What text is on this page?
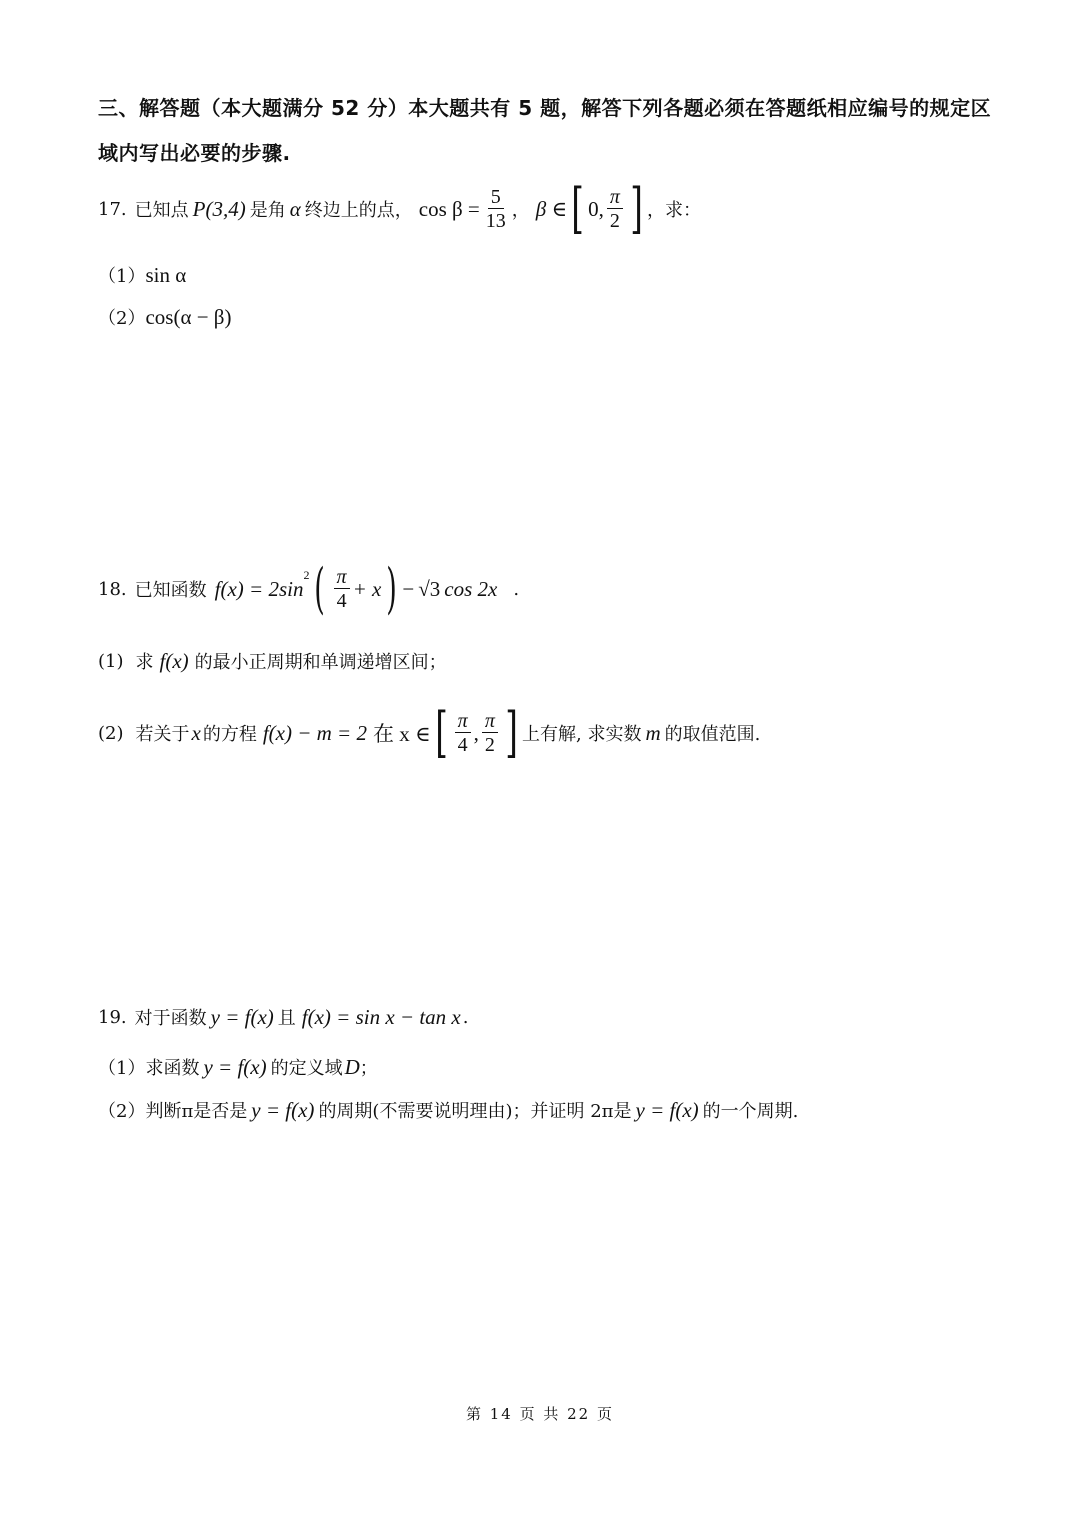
三、解答题（本大题满分 52 分）本大题共有 5 题，解答下列各题必须在答题纸相应编号的规定区域内写出必要的步骤.
17. 已知点 P(3,4) 是角 α 终边上的点， $\cos \beta = \frac{5}{13}$ ， β ∈ [ 0, $\frac{\pi}{2}$ ] ，求：
（1） sin α
（2） cos(α − β)
18. 已知函数 f(x) = 2sin
$^2$ ( $\frac{\pi}{4} + x$ ) − √3 cos 2x .
(1) 求 f(x) 的最小正周期和单调递增区间；
(2) 若关于 x 的方程 f(x) − m = 2 在 x ∈ [ $\frac{\pi}{4}$ , $\frac{\pi}{2}$ ] 上有解, 求实数 m 的取值范围.
19. 对于函数 y = f(x) 且 f(x) = sin x − tan x .
（1） 求函数 y = f(x) 的定义域 D ；
（2） 判断π是否是 y = f(x) 的周期(不需要说明理由)；并证明 2π是 y = f(x) 的一个周期.
第 14 页 共 22 页
